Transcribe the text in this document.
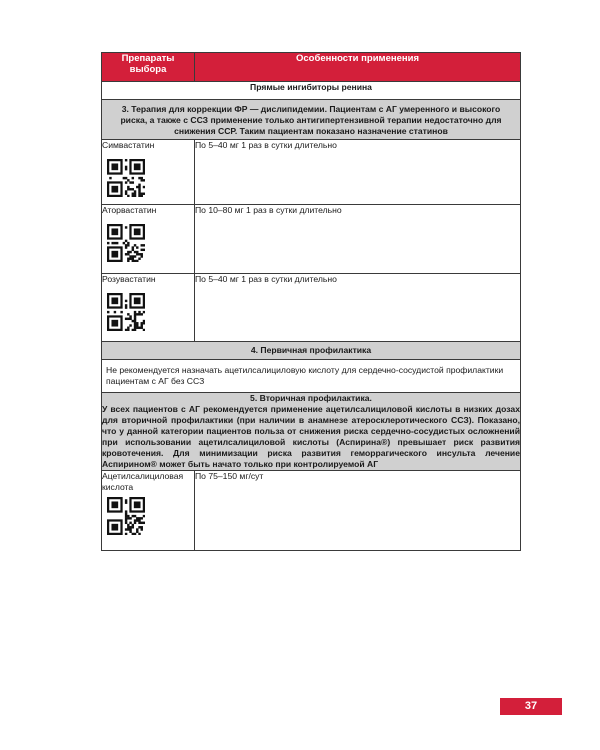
Препараты выбора	Особенности применения
Прямые ингибиторы ренина	
3. Терапия для коррекции ФР — дислипидемии. Пациентам с АГ умеренного и высокого риска, а также с ССЗ применение только антигипертензивной терапии недостаточно для снижения ССР. Таким пациентам показано назначение статинов	
Симвастатин	По 5–40 мг 1 раз в сутки длительно
Аторвастатин	По 10–80 мг 1 раз в сутки длительно
Розувастатин	По 5–40 мг 1 раз в сутки длительно
4. Первичная профилактика	
Не рекомендуется назначать ацетилсалициловую кислоту для сердечно-сосудистой профилактики пациентам с АГ без ССЗ	

5. Вторичная профилактика.
У всех пациентов с АГ рекомендуется применение ацетилсалициловой кислоты в низких дозах для вторичной профилактики (при наличии в анамнезе атеросклеротического ССЗ). Показано, что у данной категории пациентов польза от снижения риска сердечно-сосудистых осложнений при использовании ацетилсалициловой кислоты (Аспирина®) превышает риск развития кровотечения. Для минимизации риска развития геморрагического инсульта лечение Аспирином® может быть начато только при контролируемой АГ	

Ацетилсалициловая кислота	По 75–150 мг/сут
37
